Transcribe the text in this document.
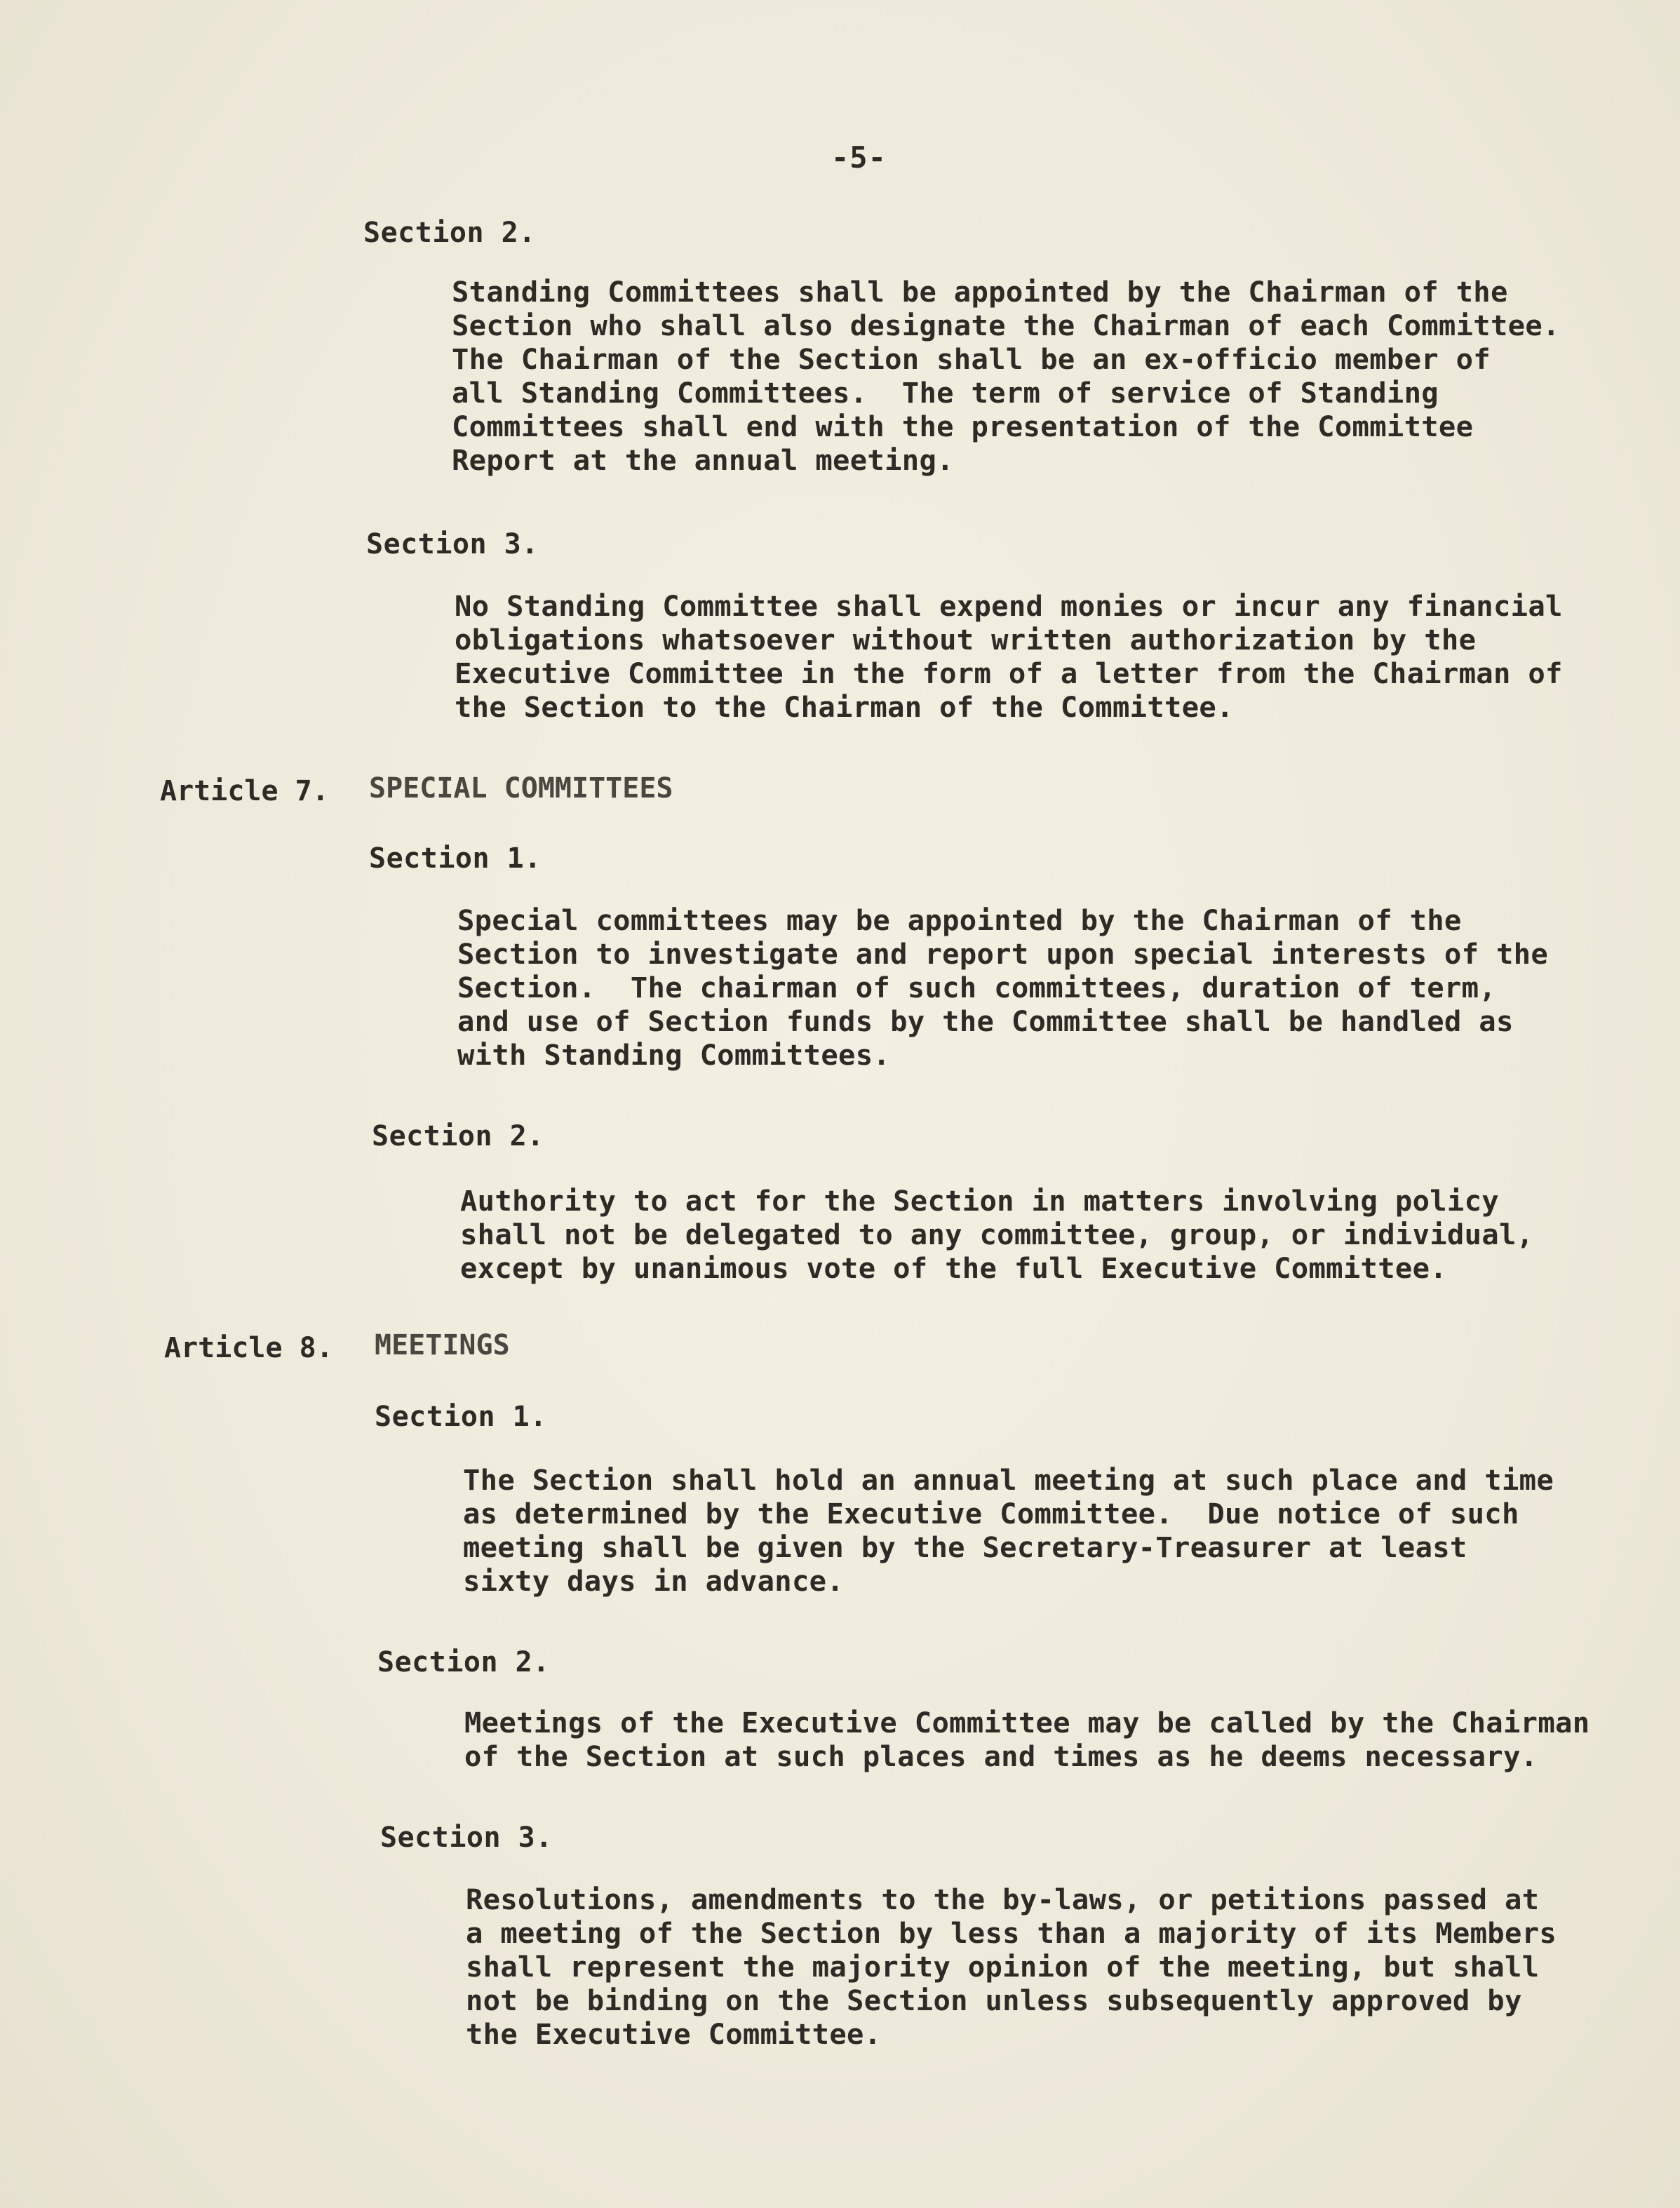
-5-
Section 2.
Standing Committees shall be appointed by the Chairman of the
Section who shall also designate the Chairman of each Committee.
The Chairman of the Section shall be an ex-officio member of
all Standing Committees.  The term of service of Standing
Committees shall end with the presentation of the Committee
Report at the annual meeting.
Section 3.
No Standing Committee shall expend monies or incur any financial
obligations whatsoever without written authorization by the
Executive Committee in the form of a letter from the Chairman of
the Section to the Chairman of the Committee.
Article 7. SPECIAL COMMITTEES
Section 1.
Special committees may be appointed by the Chairman of the
Section to investigate and report upon special interests of the
Section.  The chairman of such committees, duration of term,
and use of Section funds by the Committee shall be handled as
with Standing Committees.
Section 2.
Authority to act for the Section in matters involving policy
shall not be delegated to any committee, group, or individual,
except by unanimous vote of the full Executive Committee.
Article 8. MEETINGS
Section 1.
The Section shall hold an annual meeting at such place and time
as determined by the Executive Committee.  Due notice of such
meeting shall be given by the Secretary-Treasurer at least
sixty days in advance.
Section 2.
Meetings of the Executive Committee may be called by the Chairman
of the Section at such places and times as he deems necessary.
Section 3.
Resolutions, amendments to the by-laws, or petitions passed at
a meeting of the Section by less than a majority of its Members
shall represent the majority opinion of the meeting, but shall
not be binding on the Section unless subsequently approved by
the Executive Committee.
